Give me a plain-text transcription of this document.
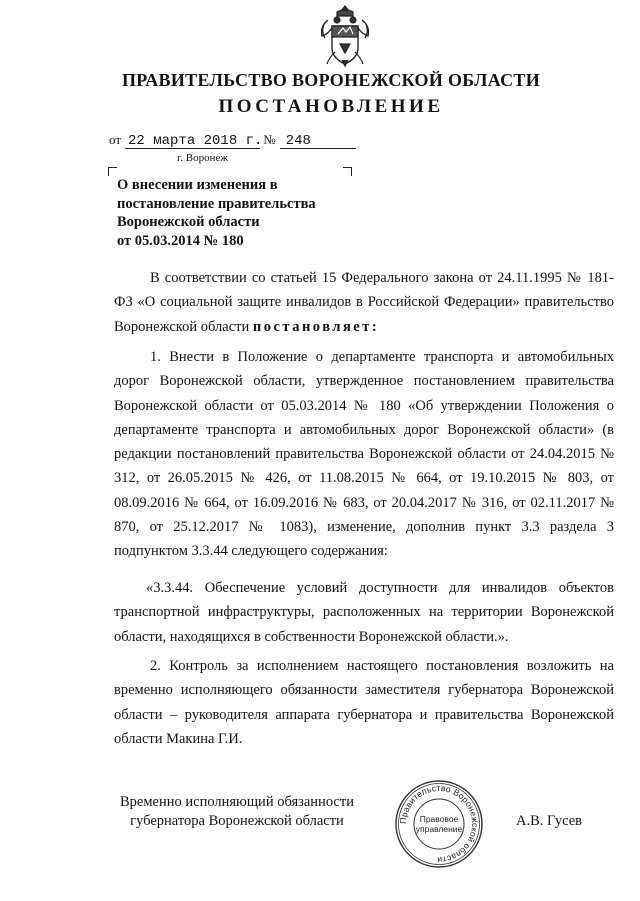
ПРАВИТЕЛЬСТВО ВОРОНЕЖСКОЙ ОБЛАСТИ
ПОСТАНОВЛЕНИЕ
от 22 марта 2018 г. № 248
г. Воронеж
О внесении изменения в
постановление правительства
Воронежской области
от 05.03.2014 № 180

В соответствии со статьей 15 Федерального закона от 24.11.1995 № 181-ФЗ «О социальной защите инвалидов в Российской Федерации» правительство Воронежской области постановляет:

1. Внести в Положение о департаменте транспорта и автомобильных дорог Воронежской области, утвержденное постановлением правительства Воронежской области от 05.03.2014 № 180 «Об утверждении Положения о департаменте транспорта и автомобильных дорог Воронежской области» (в редакции постановлений правительства Воронежской области от 24.04.2015 № 312, от 26.05.2015 № 426, от 11.08.2015 № 664, от 19.10.2015 № 803, от 08.09.2016 № 664, от 16.09.2016 № 683, от 20.04.2017 № 316, от 02.11.2017 № 870, от 25.12.2017 № 1083), изменение, дополнив пункт 3.3 раздела 3 подпунктом 3.3.44 следующего содержания:

«3.3.44. Обеспечение условий доступности для инвалидов объектов транспортной инфраструктуры, расположенных на территории Воронежской области, находящихся в собственности Воронежской области.».

2. Контроль за исполнением настоящего постановления возложить на временно исполняющего обязанности заместителя губернатора Воронежской области – руководителя аппарата губернатора и правительства Воронежской области Макина Г.И.

Временно исполняющий обязанности
губернатора Воронежской области	Правительство Воронежской области
Правовое
управление	А.В. Гусев
